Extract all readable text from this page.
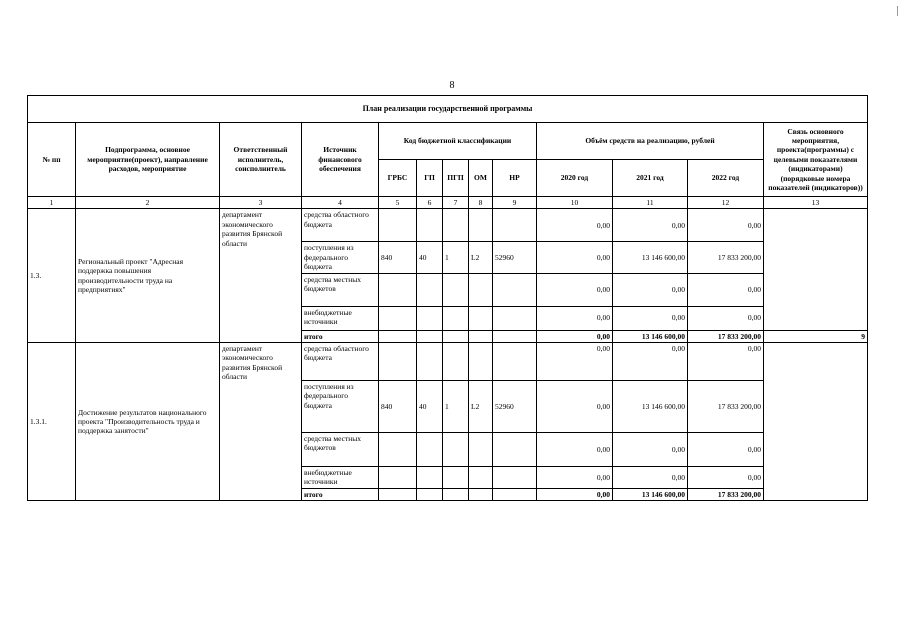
8
План реализации государственной программы												
№ пп	Подпрограмма, основное мероприятие(проект), направление расходов, мероприятие	Ответственный исполнитель, соисполнитель	Источник финансового обеспечения	Код бюджетной классификации					Объём средств на реализацию, рублей			Связь основного мероприятия, проекта(программы) с целевыми показателями (индикаторами) (порядковые номера показателей (индикаторов))
				ГРБС	ГП	ПГП	ОМ	НР	2020 год	2021 год	2022 год	
1	2	3	4	5	6	7	8	9	10	11	12	13
1.3.	Региональный проект "Адресная поддержка повышения производительности труда на предприятиях"	департамент экономического развития Брянской области	средства областного бюджета						0,00	0,00	0,00	
			поступления из федерального бюджета	840	40	1	L2	52960	0,00	13 146 600,00	17 833 200,00	
			средства местных бюджетов						0,00	0,00	0,00	
			внебюджетные источники						0,00	0,00	0,00	
			итого						0,00	13 146 600,00	17 833 200,00	9
1.3.1.	Достижение результатов национального проекта "Производительность труда и поддержка занятости"	департамент экономического развития Брянской области	средства областного бюджета						0,00	0,00	0,00	
			поступления из федерального бюджета	840	40	1	L2	52960	0,00	13 146 600,00	17 833 200,00	
			средства местных бюджетов						0,00	0,00	0,00	
			внебюджетные источники						0,00	0,00	0,00	
			итого						0,00	13 146 600,00	17 833 200,00	
